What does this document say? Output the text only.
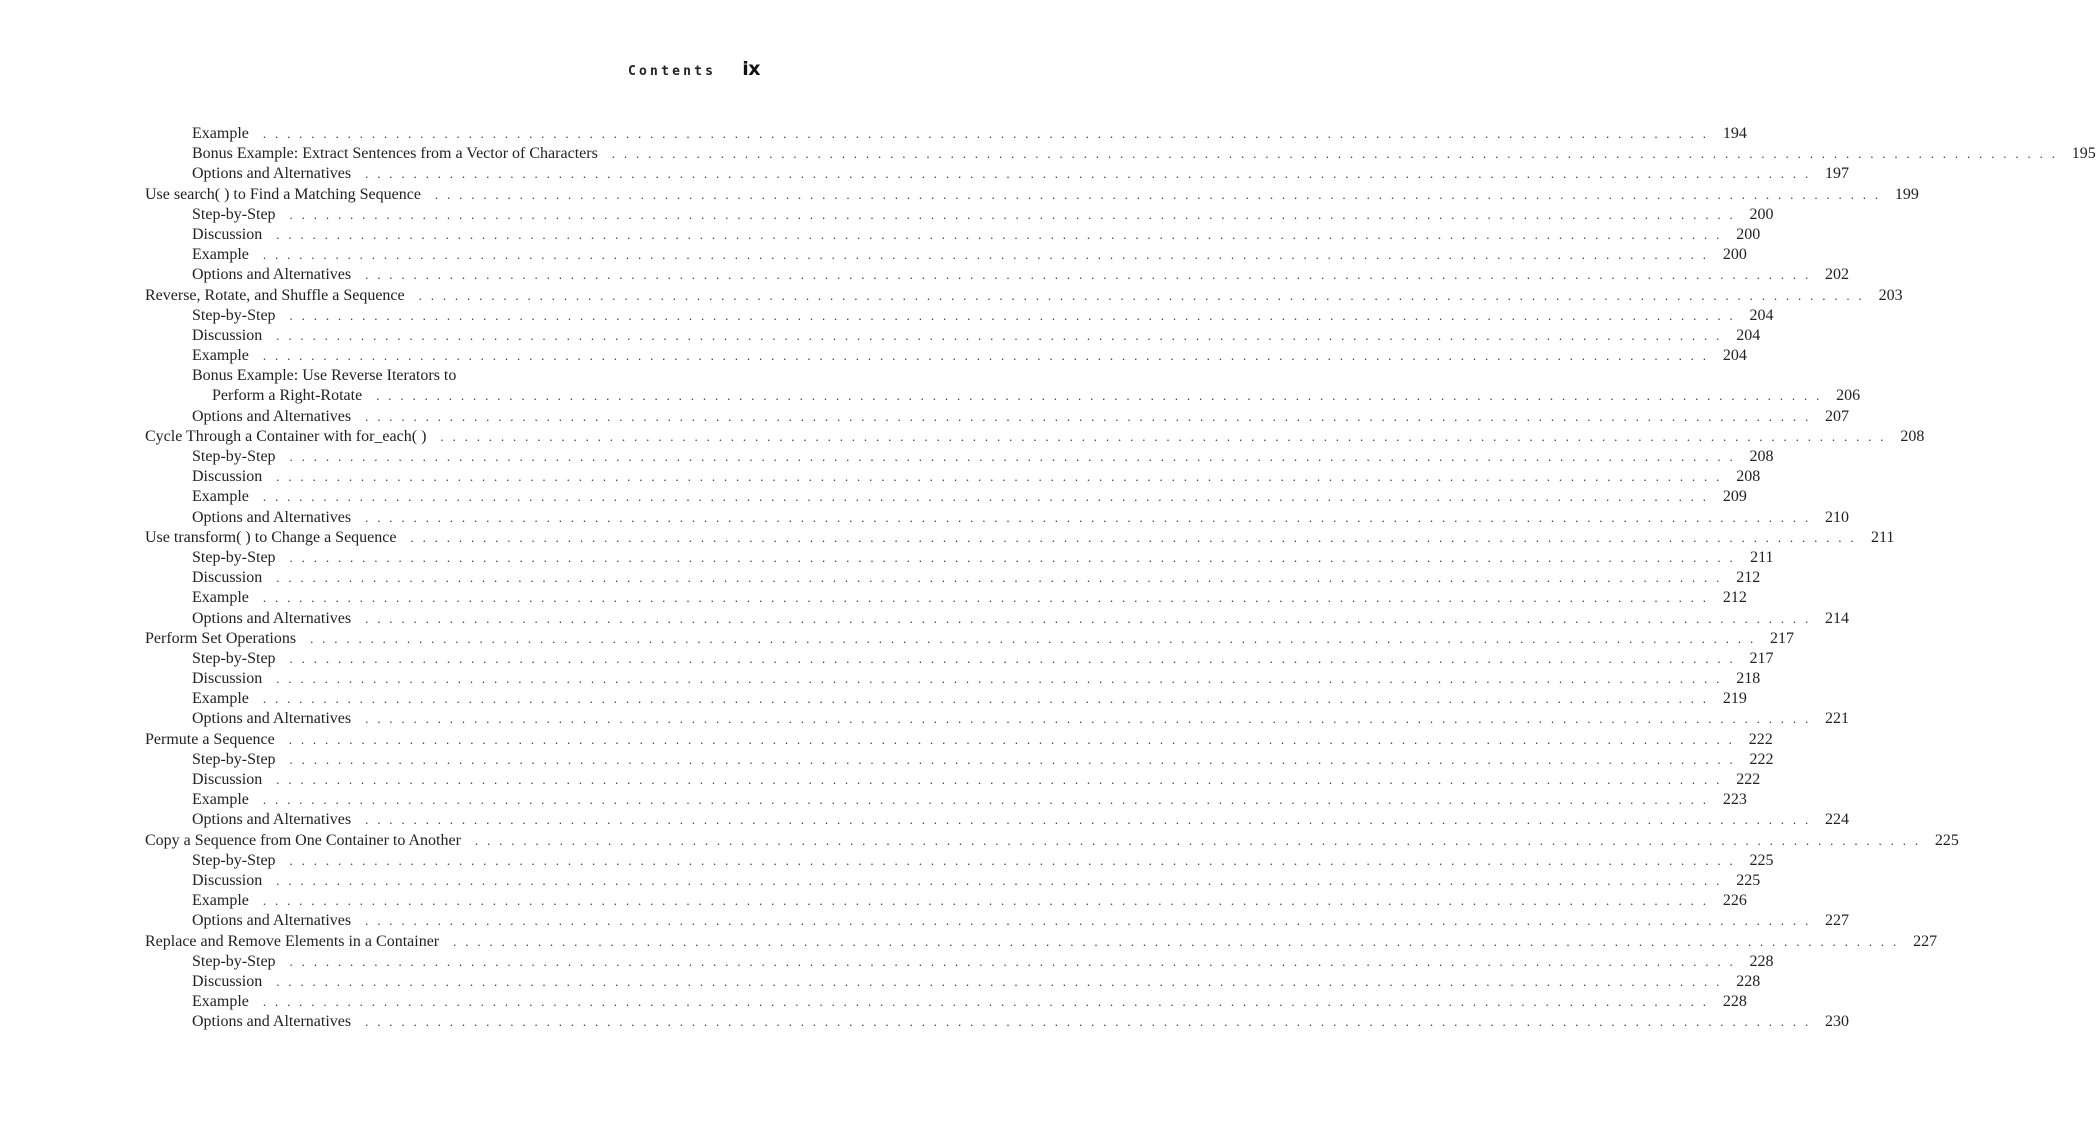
Contents ix
Example	. . . . . . . . . . . . . . . . . . . . . . . . . . . . . . . . . . . . . . . . . . . . . . . . . . . . . . . . . . . . . . . . . . . . . . . . . . . . . . . . . . . . . . . . . . . . . . . . . . . . . . . . . . . . . . . . . . . . . . . . 194
Bonus Example: Extract Sentences from a Vector of Characters	. . . . . . . . . . . . . . . . . . . . . . . . . . . . . . . . . . . . . . . . . . . . . . . . . . . . . . . . . . . . . . . . . . . . . . . . . . . . . . . . . . . . . . . . . . . . . . . . . . . . . . . . . . . . . . . . . . . . . . . . 195
Options and Alternatives	. . . . . . . . . . . . . . . . . . . . . . . . . . . . . . . . . . . . . . . . . . . . . . . . . . . . . . . . . . . . . . . . . . . . . . . . . . . . . . . . . . . . . . . . . . . . . . . . . . . . . . . . . . . . . . . . . . . . . . . . 197
Use search( ) to Find a Matching Sequence	. . . . . . . . . . . . . . . . . . . . . . . . . . . . . . . . . . . . . . . . . . . . . . . . . . . . . . . . . . . . . . . . . . . . . . . . . . . . . . . . . . . . . . . . . . . . . . . . . . . . . . . . . . . . . . . . . . . . . . . . 199
Step-by-Step	. . . . . . . . . . . . . . . . . . . . . . . . . . . . . . . . . . . . . . . . . . . . . . . . . . . . . . . . . . . . . . . . . . . . . . . . . . . . . . . . . . . . . . . . . . . . . . . . . . . . . . . . . . . . . . . . . . . . . . . . 200
Discussion	. . . . . . . . . . . . . . . . . . . . . . . . . . . . . . . . . . . . . . . . . . . . . . . . . . . . . . . . . . . . . . . . . . . . . . . . . . . . . . . . . . . . . . . . . . . . . . . . . . . . . . . . . . . . . . . . . . . . . . . . 200
Example	. . . . . . . . . . . . . . . . . . . . . . . . . . . . . . . . . . . . . . . . . . . . . . . . . . . . . . . . . . . . . . . . . . . . . . . . . . . . . . . . . . . . . . . . . . . . . . . . . . . . . . . . . . . . . . . . . . . . . . . . 200
Options and Alternatives	. . . . . . . . . . . . . . . . . . . . . . . . . . . . . . . . . . . . . . . . . . . . . . . . . . . . . . . . . . . . . . . . . . . . . . . . . . . . . . . . . . . . . . . . . . . . . . . . . . . . . . . . . . . . . . . . . . . . . . . . 202
Reverse, Rotate, and Shuffle a Sequence	. . . . . . . . . . . . . . . . . . . . . . . . . . . . . . . . . . . . . . . . . . . . . . . . . . . . . . . . . . . . . . . . . . . . . . . . . . . . . . . . . . . . . . . . . . . . . . . . . . . . . . . . . . . . . . . . . . . . . . . . 203
Step-by-Step	. . . . . . . . . . . . . . . . . . . . . . . . . . . . . . . . . . . . . . . . . . . . . . . . . . . . . . . . . . . . . . . . . . . . . . . . . . . . . . . . . . . . . . . . . . . . . . . . . . . . . . . . . . . . . . . . . . . . . . . . 204
Discussion	. . . . . . . . . . . . . . . . . . . . . . . . . . . . . . . . . . . . . . . . . . . . . . . . . . . . . . . . . . . . . . . . . . . . . . . . . . . . . . . . . . . . . . . . . . . . . . . . . . . . . . . . . . . . . . . . . . . . . . . . 204
Example	. . . . . . . . . . . . . . . . . . . . . . . . . . . . . . . . . . . . . . . . . . . . . . . . . . . . . . . . . . . . . . . . . . . . . . . . . . . . . . . . . . . . . . . . . . . . . . . . . . . . . . . . . . . . . . . . . . . . . . . . 204
Bonus Example: Use Reverse Iterators to
Perform a Right-Rotate	. . . . . . . . . . . . . . . . . . . . . . . . . . . . . . . . . . . . . . . . . . . . . . . . . . . . . . . . . . . . . . . . . . . . . . . . . . . . . . . . . . . . . . . . . . . . . . . . . . . . . . . . . . . . . . . . . . . . . . . . 206
Options and Alternatives	. . . . . . . . . . . . . . . . . . . . . . . . . . . . . . . . . . . . . . . . . . . . . . . . . . . . . . . . . . . . . . . . . . . . . . . . . . . . . . . . . . . . . . . . . . . . . . . . . . . . . . . . . . . . . . . . . . . . . . . . 207
Cycle Through a Container with for_each( )	. . . . . . . . . . . . . . . . . . . . . . . . . . . . . . . . . . . . . . . . . . . . . . . . . . . . . . . . . . . . . . . . . . . . . . . . . . . . . . . . . . . . . . . . . . . . . . . . . . . . . . . . . . . . . . . . . . . . . . . . 208
Step-by-Step	. . . . . . . . . . . . . . . . . . . . . . . . . . . . . . . . . . . . . . . . . . . . . . . . . . . . . . . . . . . . . . . . . . . . . . . . . . . . . . . . . . . . . . . . . . . . . . . . . . . . . . . . . . . . . . . . . . . . . . . . 208
Discussion	. . . . . . . . . . . . . . . . . . . . . . . . . . . . . . . . . . . . . . . . . . . . . . . . . . . . . . . . . . . . . . . . . . . . . . . . . . . . . . . . . . . . . . . . . . . . . . . . . . . . . . . . . . . . . . . . . . . . . . . . 208
Example	. . . . . . . . . . . . . . . . . . . . . . . . . . . . . . . . . . . . . . . . . . . . . . . . . . . . . . . . . . . . . . . . . . . . . . . . . . . . . . . . . . . . . . . . . . . . . . . . . . . . . . . . . . . . . . . . . . . . . . . . 209
Options and Alternatives	. . . . . . . . . . . . . . . . . . . . . . . . . . . . . . . . . . . . . . . . . . . . . . . . . . . . . . . . . . . . . . . . . . . . . . . . . . . . . . . . . . . . . . . . . . . . . . . . . . . . . . . . . . . . . . . . . . . . . . . . 210
Use transform( ) to Change a Sequence	. . . . . . . . . . . . . . . . . . . . . . . . . . . . . . . . . . . . . . . . . . . . . . . . . . . . . . . . . . . . . . . . . . . . . . . . . . . . . . . . . . . . . . . . . . . . . . . . . . . . . . . . . . . . . . . . . . . . . . . . 211
Step-by-Step	. . . . . . . . . . . . . . . . . . . . . . . . . . . . . . . . . . . . . . . . . . . . . . . . . . . . . . . . . . . . . . . . . . . . . . . . . . . . . . . . . . . . . . . . . . . . . . . . . . . . . . . . . . . . . . . . . . . . . . . . 211
Discussion	. . . . . . . . . . . . . . . . . . . . . . . . . . . . . . . . . . . . . . . . . . . . . . . . . . . . . . . . . . . . . . . . . . . . . . . . . . . . . . . . . . . . . . . . . . . . . . . . . . . . . . . . . . . . . . . . . . . . . . . . 212
Example	. . . . . . . . . . . . . . . . . . . . . . . . . . . . . . . . . . . . . . . . . . . . . . . . . . . . . . . . . . . . . . . . . . . . . . . . . . . . . . . . . . . . . . . . . . . . . . . . . . . . . . . . . . . . . . . . . . . . . . . . 212
Options and Alternatives	. . . . . . . . . . . . . . . . . . . . . . . . . . . . . . . . . . . . . . . . . . . . . . . . . . . . . . . . . . . . . . . . . . . . . . . . . . . . . . . . . . . . . . . . . . . . . . . . . . . . . . . . . . . . . . . . . . . . . . . . 214
Perform Set Operations	. . . . . . . . . . . . . . . . . . . . . . . . . . . . . . . . . . . . . . . . . . . . . . . . . . . . . . . . . . . . . . . . . . . . . . . . . . . . . . . . . . . . . . . . . . . . . . . . . . . . . . . . . . . . . . . . . . . . . . . . 217
Step-by-Step	. . . . . . . . . . . . . . . . . . . . . . . . . . . . . . . . . . . . . . . . . . . . . . . . . . . . . . . . . . . . . . . . . . . . . . . . . . . . . . . . . . . . . . . . . . . . . . . . . . . . . . . . . . . . . . . . . . . . . . . . 217
Discussion	. . . . . . . . . . . . . . . . . . . . . . . . . . . . . . . . . . . . . . . . . . . . . . . . . . . . . . . . . . . . . . . . . . . . . . . . . . . . . . . . . . . . . . . . . . . . . . . . . . . . . . . . . . . . . . . . . . . . . . . . 218
Example	. . . . . . . . . . . . . . . . . . . . . . . . . . . . . . . . . . . . . . . . . . . . . . . . . . . . . . . . . . . . . . . . . . . . . . . . . . . . . . . . . . . . . . . . . . . . . . . . . . . . . . . . . . . . . . . . . . . . . . . . 219
Options and Alternatives	. . . . . . . . . . . . . . . . . . . . . . . . . . . . . . . . . . . . . . . . . . . . . . . . . . . . . . . . . . . . . . . . . . . . . . . . . . . . . . . . . . . . . . . . . . . . . . . . . . . . . . . . . . . . . . . . . . . . . . . . 221
Permute a Sequence	. . . . . . . . . . . . . . . . . . . . . . . . . . . . . . . . . . . . . . . . . . . . . . . . . . . . . . . . . . . . . . . . . . . . . . . . . . . . . . . . . . . . . . . . . . . . . . . . . . . . . . . . . . . . . . . . . . . . . . . . 222
Step-by-Step	. . . . . . . . . . . . . . . . . . . . . . . . . . . . . . . . . . . . . . . . . . . . . . . . . . . . . . . . . . . . . . . . . . . . . . . . . . . . . . . . . . . . . . . . . . . . . . . . . . . . . . . . . . . . . . . . . . . . . . . . 222
Discussion	. . . . . . . . . . . . . . . . . . . . . . . . . . . . . . . . . . . . . . . . . . . . . . . . . . . . . . . . . . . . . . . . . . . . . . . . . . . . . . . . . . . . . . . . . . . . . . . . . . . . . . . . . . . . . . . . . . . . . . . . 222
Example	. . . . . . . . . . . . . . . . . . . . . . . . . . . . . . . . . . . . . . . . . . . . . . . . . . . . . . . . . . . . . . . . . . . . . . . . . . . . . . . . . . . . . . . . . . . . . . . . . . . . . . . . . . . . . . . . . . . . . . . . 223
Options and Alternatives	. . . . . . . . . . . . . . . . . . . . . . . . . . . . . . . . . . . . . . . . . . . . . . . . . . . . . . . . . . . . . . . . . . . . . . . . . . . . . . . . . . . . . . . . . . . . . . . . . . . . . . . . . . . . . . . . . . . . . . . . 224
Copy a Sequence from One Container to Another	. . . . . . . . . . . . . . . . . . . . . . . . . . . . . . . . . . . . . . . . . . . . . . . . . . . . . . . . . . . . . . . . . . . . . . . . . . . . . . . . . . . . . . . . . . . . . . . . . . . . . . . . . . . . . . . . . . . . . . . . 225
Step-by-Step	. . . . . . . . . . . . . . . . . . . . . . . . . . . . . . . . . . . . . . . . . . . . . . . . . . . . . . . . . . . . . . . . . . . . . . . . . . . . . . . . . . . . . . . . . . . . . . . . . . . . . . . . . . . . . . . . . . . . . . . . 225
Discussion	. . . . . . . . . . . . . . . . . . . . . . . . . . . . . . . . . . . . . . . . . . . . . . . . . . . . . . . . . . . . . . . . . . . . . . . . . . . . . . . . . . . . . . . . . . . . . . . . . . . . . . . . . . . . . . . . . . . . . . . . 225
Example	. . . . . . . . . . . . . . . . . . . . . . . . . . . . . . . . . . . . . . . . . . . . . . . . . . . . . . . . . . . . . . . . . . . . . . . . . . . . . . . . . . . . . . . . . . . . . . . . . . . . . . . . . . . . . . . . . . . . . . . . 226
Options and Alternatives	. . . . . . . . . . . . . . . . . . . . . . . . . . . . . . . . . . . . . . . . . . . . . . . . . . . . . . . . . . . . . . . . . . . . . . . . . . . . . . . . . . . . . . . . . . . . . . . . . . . . . . . . . . . . . . . . . . . . . . . . 227
Replace and Remove Elements in a Container	. . . . . . . . . . . . . . . . . . . . . . . . . . . . . . . . . . . . . . . . . . . . . . . . . . . . . . . . . . . . . . . . . . . . . . . . . . . . . . . . . . . . . . . . . . . . . . . . . . . . . . . . . . . . . . . . . . . . . . . . 227
Step-by-Step	. . . . . . . . . . . . . . . . . . . . . . . . . . . . . . . . . . . . . . . . . . . . . . . . . . . . . . . . . . . . . . . . . . . . . . . . . . . . . . . . . . . . . . . . . . . . . . . . . . . . . . . . . . . . . . . . . . . . . . . . 228
Discussion	. . . . . . . . . . . . . . . . . . . . . . . . . . . . . . . . . . . . . . . . . . . . . . . . . . . . . . . . . . . . . . . . . . . . . . . . . . . . . . . . . . . . . . . . . . . . . . . . . . . . . . . . . . . . . . . . . . . . . . . . 228
Example	. . . . . . . . . . . . . . . . . . . . . . . . . . . . . . . . . . . . . . . . . . . . . . . . . . . . . . . . . . . . . . . . . . . . . . . . . . . . . . . . . . . . . . . . . . . . . . . . . . . . . . . . . . . . . . . . . . . . . . . . 228
Options and Alternatives	. . . . . . . . . . . . . . . . . . . . . . . . . . . . . . . . . . . . . . . . . . . . . . . . . . . . . . . . . . . . . . . . . . . . . . . . . . . . . . . . . . . . . . . . . . . . . . . . . . . . . . . . . . . . . . . . . . . . . . . . 230
